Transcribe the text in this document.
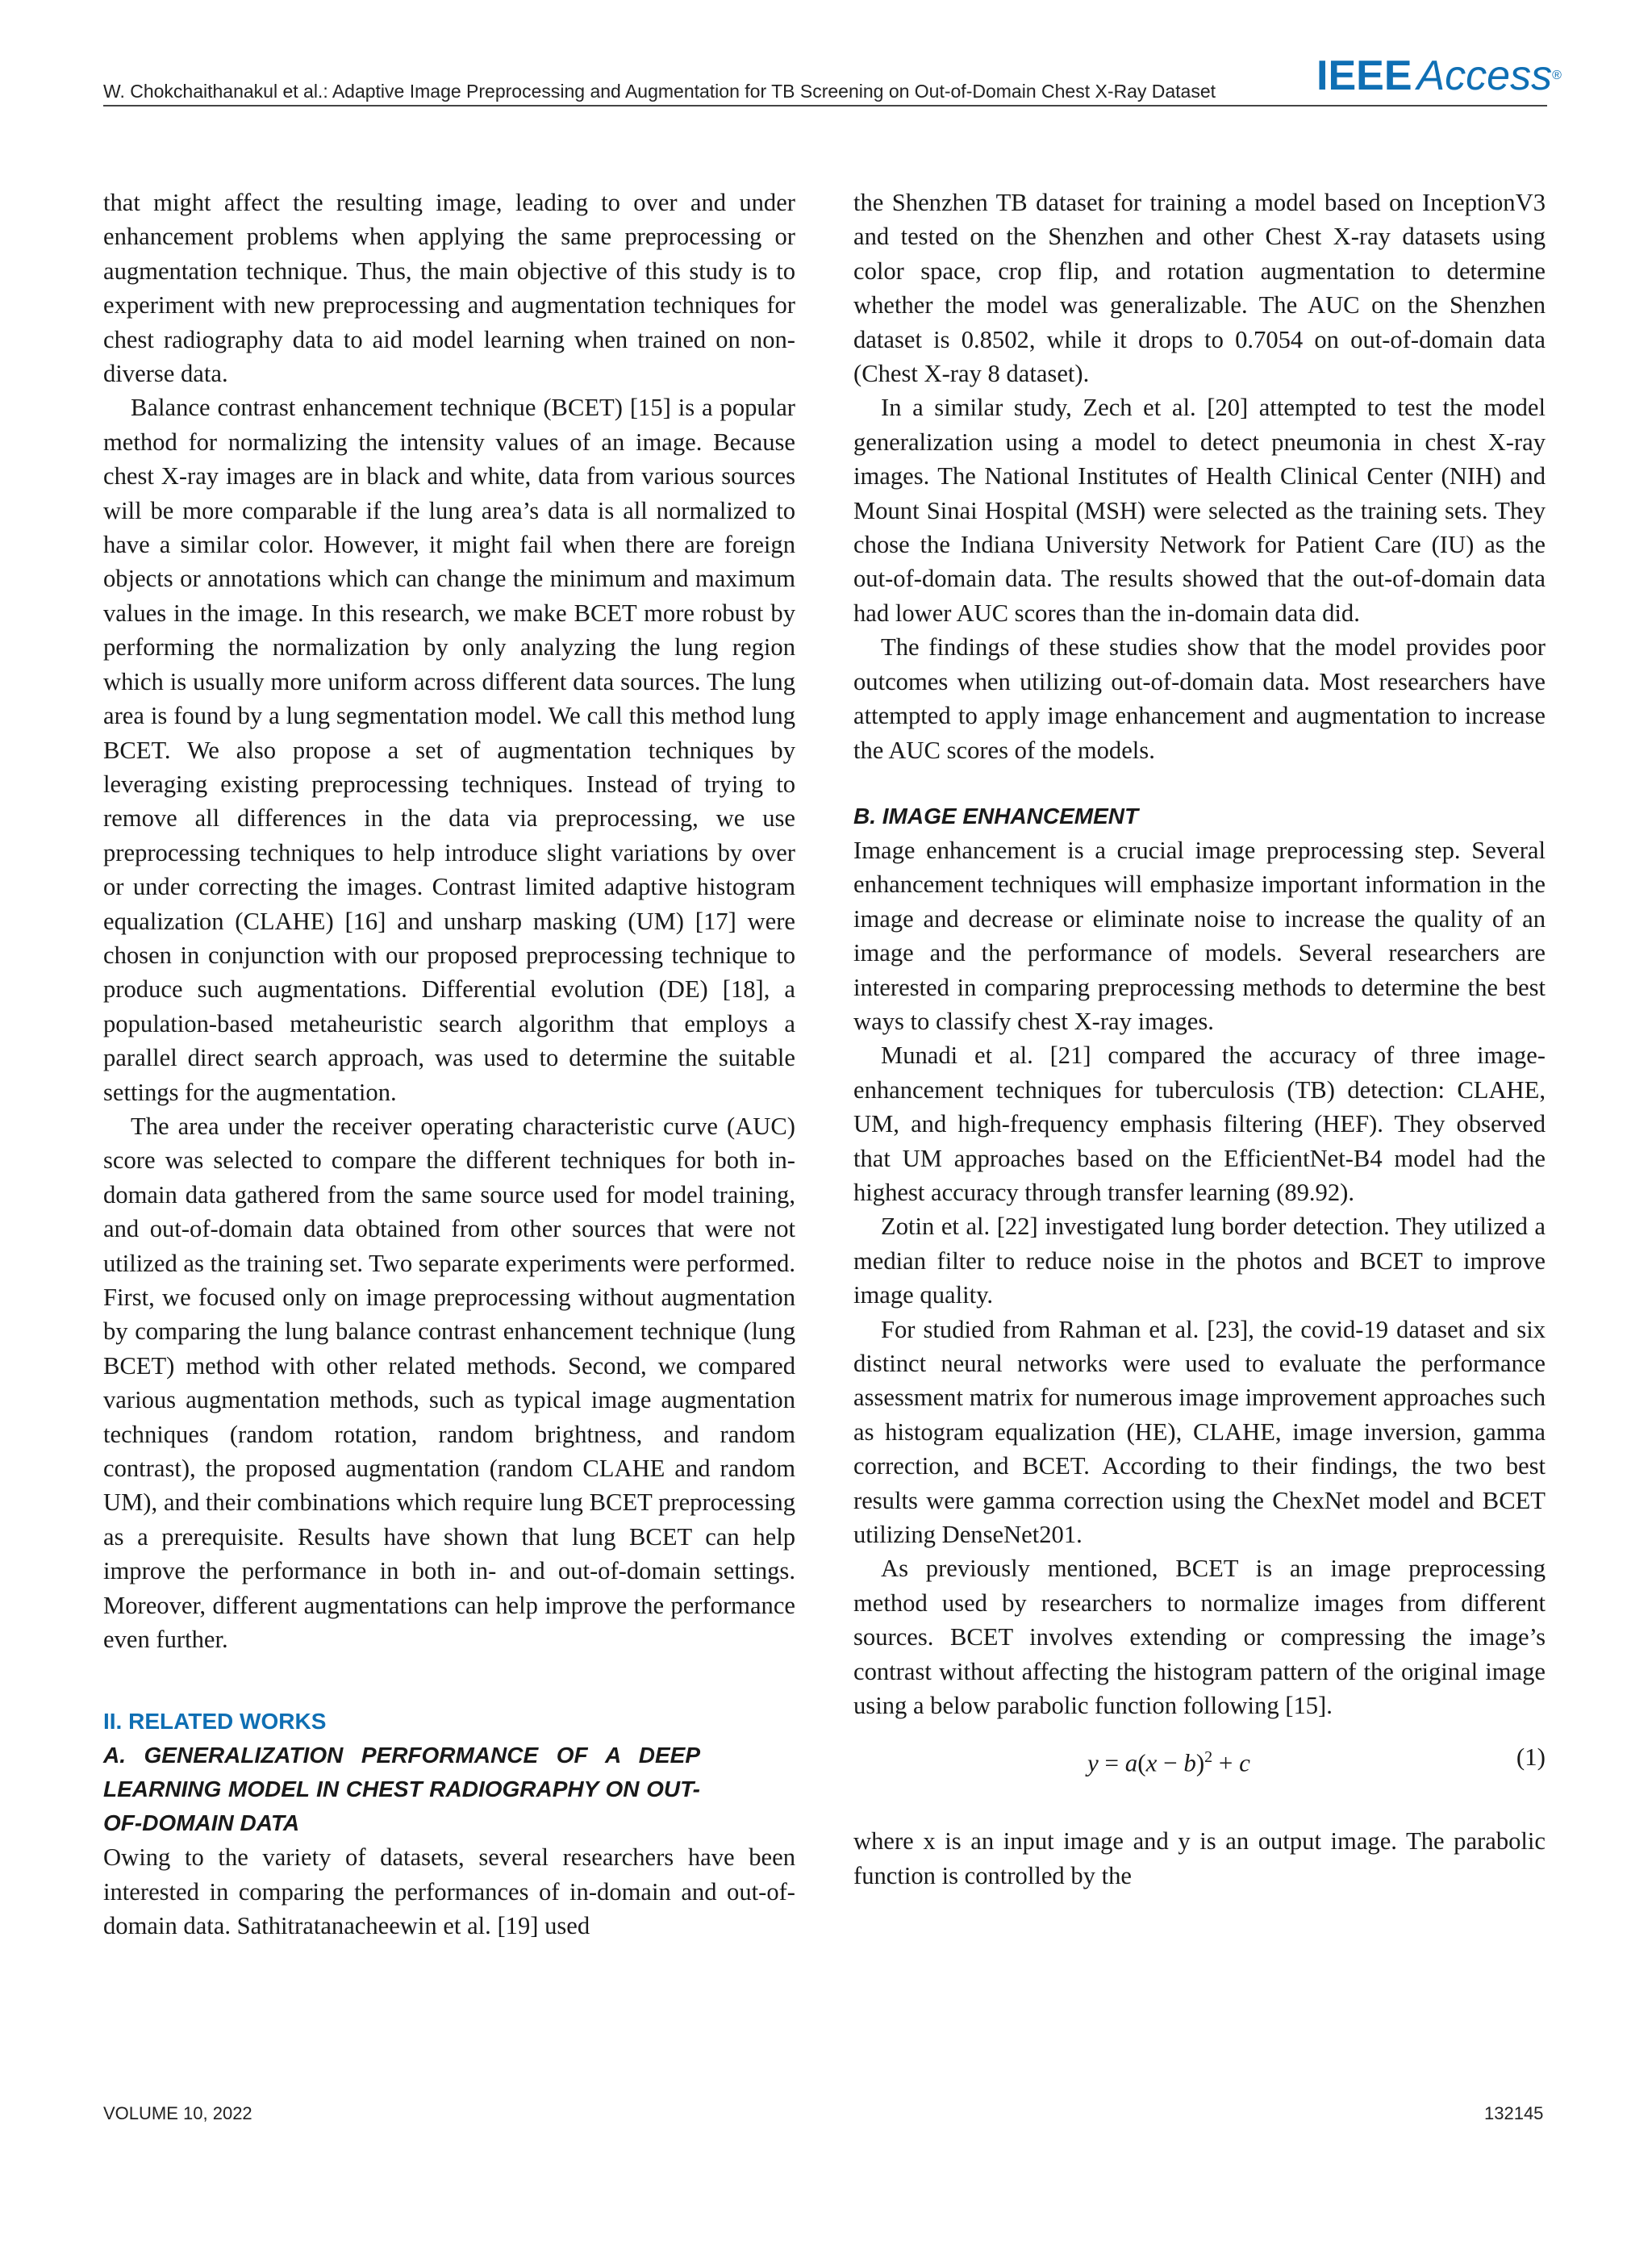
W. Chokchaithanakul et al.: Adaptive Image Preprocessing and Augmentation for TB Screening on Out-of-Domain Chest X-Ray Dataset IEEE Access®

that might affect the resulting image, leading to over and under enhancement problems when applying the same preprocessing or augmentation technique. Thus, the main objective of this study is to experiment with new preprocessing and augmentation techniques for chest radiography data to aid model learning when trained on non-diverse data.

Balance contrast enhancement technique (BCET) [15] is a popular method for normalizing the intensity values of an image. Because chest X-ray images are in black and white, data from various sources will be more comparable if the lung area’s data is all normalized to have a similar color. However, it might fail when there are foreign objects or annotations which can change the minimum and maximum values in the image. In this research, we make BCET more robust by performing the normalization by only analyzing the lung region which is usually more uniform across different data sources. The lung area is found by a lung segmentation model. We call this method lung BCET. We also propose a set of augmentation techniques by leveraging existing preprocessing techniques. Instead of trying to remove all differences in the data via preprocessing, we use preprocessing techniques to help introduce slight variations by over or under correcting the images. Contrast limited adaptive histogram equalization (CLAHE) [16] and unsharp masking (UM) [17] were chosen in conjunction with our proposed preprocessing technique to produce such augmentations. Differential evolution (DE) [18], a population-based metaheuristic search algorithm that employs a parallel direct search approach, was used to determine the suitable settings for the augmentation.

The area under the receiver operating characteristic curve (AUC) score was selected to compare the different techniques for both in-domain data gathered from the same source used for model training, and out-of-domain data obtained from other sources that were not utilized as the training set. Two separate experiments were performed. First, we focused only on image preprocessing without augmentation by comparing the lung balance contrast enhancement technique (lung BCET) method with other related methods. Second, we compared various augmentation methods, such as typical image augmentation techniques (random rotation, random brightness, and random contrast), the proposed augmentation (random CLAHE and random UM), and their combinations which require lung BCET preprocessing as a prerequisite. Results have shown that lung BCET can help improve the performance in both in- and out-of-domain settings. Moreover, different augmentations can help improve the performance even further.

II. RELATED WORKS

A. GENERALIZATION PERFORMANCE OF A DEEP LEARNING MODEL IN CHEST RADIOGRAPHY ON OUT-OF-DOMAIN DATA

Owing to the variety of datasets, several researchers have been interested in comparing the performances of in-domain and out-of-domain data. Sathitratanacheewin et al. [19] used

the Shenzhen TB dataset for training a model based on InceptionV3 and tested on the Shenzhen and other Chest X-ray datasets using color space, crop flip, and rotation augmentation to determine whether the model was generalizable. The AUC on the Shenzhen dataset is 0.8502, while it drops to 0.7054 on out-of-domain data (Chest X-ray 8 dataset).

In a similar study, Zech et al. [20] attempted to test the model generalization using a model to detect pneumonia in chest X-ray images. The National Institutes of Health Clinical Center (NIH) and Mount Sinai Hospital (MSH) were selected as the training sets. They chose the Indiana University Network for Patient Care (IU) as the out-of-domain data. The results showed that the out-of-domain data had lower AUC scores than the in-domain data did.

The findings of these studies show that the model provides poor outcomes when utilizing out-of-domain data. Most researchers have attempted to apply image enhancement and augmentation to increase the AUC scores of the models.

B. IMAGE ENHANCEMENT

Image enhancement is a crucial image preprocessing step. Several enhancement techniques will emphasize important information in the image and decrease or eliminate noise to increase the quality of an image and the performance of models. Several researchers are interested in comparing preprocessing methods to determine the best ways to classify chest X-ray images.

Munadi et al. [21] compared the accuracy of three image-enhancement techniques for tuberculosis (TB) detection: CLAHE, UM, and high-frequency emphasis filtering (HEF). They observed that UM approaches based on the EfficientNet-B4 model had the highest accuracy through transfer learning (89.92).

Zotin et al. [22] investigated lung border detection. They utilized a median filter to reduce noise in the photos and BCET to improve image quality.

For studied from Rahman et al. [23], the covid-19 dataset and six distinct neural networks were used to evaluate the performance assessment matrix for numerous image improvement approaches such as histogram equalization (HE), CLAHE, image inversion, gamma correction, and BCET. According to their findings, the two best results were gamma correction using the ChexNet model and BCET utilizing DenseNet201.

As previously mentioned, BCET is an image preprocessing method used by researchers to normalize images from different sources. BCET involves extending or compressing the image’s contrast without affecting the histogram pattern of the original image using a below parabolic function following [15].

$y = a(x - b)^2 + c$	(1)

where x is an input image and y is an output image. The parabolic function is controlled by the

VOLUME 10, 2022	132145
